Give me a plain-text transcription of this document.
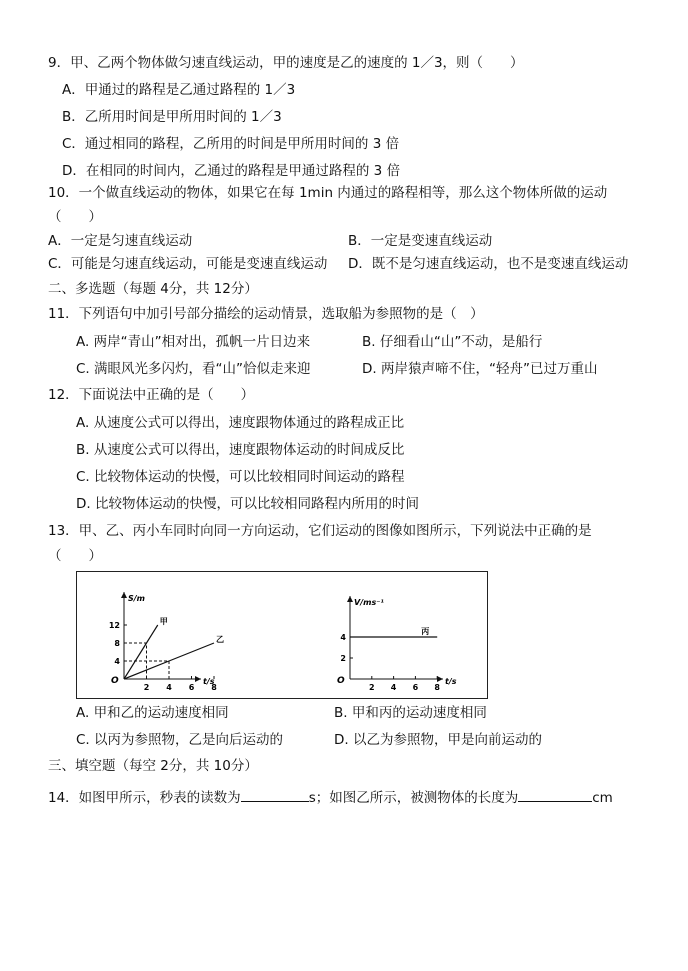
9．甲、乙两个物体做匀速直线运动，甲的速度是乙的速度的 1／3，则（　　）
A．甲通过的路程是乙通过路程的 1／3
B．乙所用时间是甲所用时间的 1／3
C．通过相同的路程，乙所用的时间是甲所用时间的 3 倍
D．在相同的时间内，乙通过的路程是甲通过路程的 3 倍
10．一个做直线运动的物体，如果它在每 1min 内通过的路程相等，那么这个物体所做的运动
（　　）
A．一定是匀速直线运动	B．一定是变速直线运动
C．可能是匀速直线运动，可能是变速直线运动 D．既不是匀速直线运动，也不是变速直线运动
二、多选题（每题 4分，共 12分）
11．下列语句中加引号部分描绘的运动情景，选取船为参照物的是（　）
A. 两岸“青山”相对出，孤帆一片日边来	B. 仔细看山“山”不动，是船行
C. 满眼风光多闪灼，看“山”恰似走来迎	D. 两岸猿声啼不住，“轻舟”已过万重山
12．下面说法中正确的是（　　）
A. 从速度公式可以得出，速度跟物体通过的路程成正比
B. 从速度公式可以得出，速度跟物体运动的时间成反比
C. 比较物体运动的快慢，可以比较相同时间运动的路程
D. 比较物体运动的快慢，可以比较相同路程内所用的时间
13．甲、乙、丙小车同时向同一方向运动，它们运动的图像如图所示，下列说法中正确的是
（　　）
S/m
t/s
O
2 4 6 8
4
8
12	甲
乙
V/ms⁻¹
t/s
O
2 4 6 8
2
4
丙
A. 甲和乙的运动速度相同	B. 甲和丙的运动速度相同
C. 以丙为参照物，乙是向后运动的	D. 以乙为参照物，甲是向前运动的
三、填空题（每空 2分，共 10分）
14．如图甲所示，秒表的读数为	s；如图乙所示，被测物体的长度为	cm
